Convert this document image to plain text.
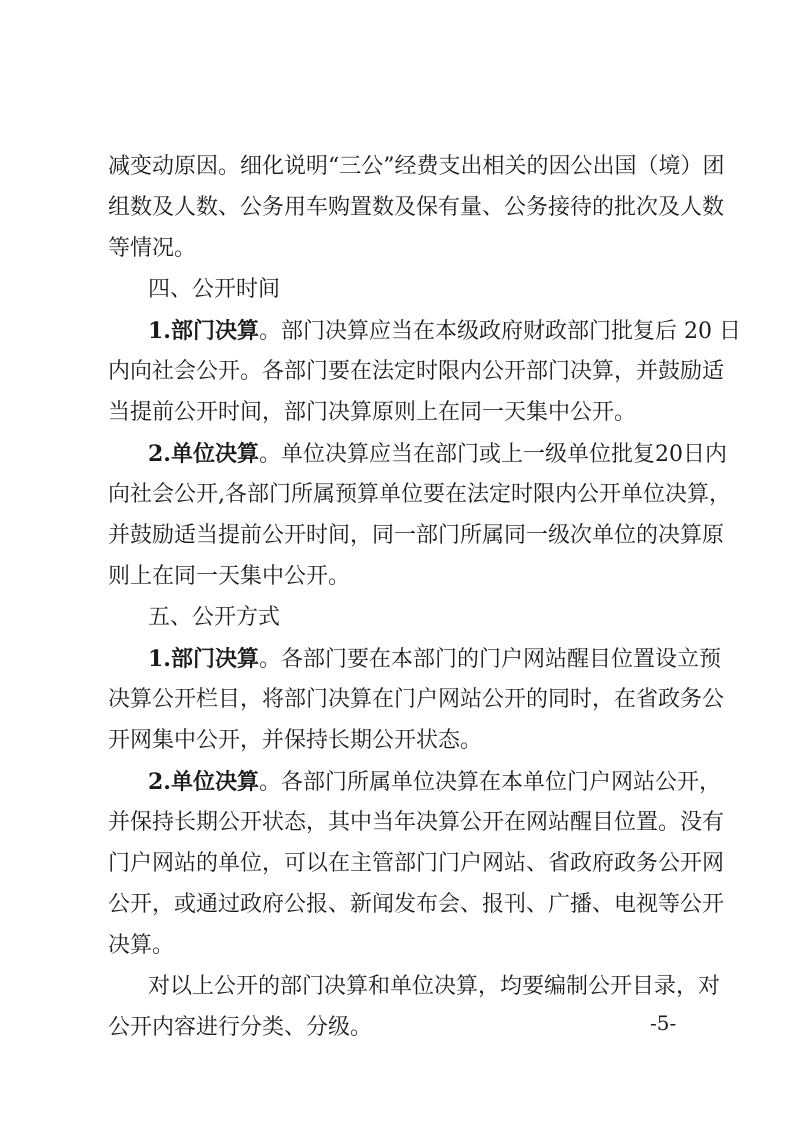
减变动原因。细化说明“三公”经费支出相关的因公出国（境）团
组数及人数、公务用车购置数及保有量、公务接待的批次及人数
等情况。
四、公开时间
1.部门决算。部门决算应当在本级政府财政部门批复后 20 日
内向社会公开。各部门要在法定时限内公开部门决算，并鼓励适
当提前公开时间，部门决算原则上在同一天集中公开。
2.单位决算。单位决算应当在部门或上一级单位批复20日内
向社会公开,各部门所属预算单位要在法定时限内公开单位决算，
并鼓励适当提前公开时间，同一部门所属同一级次单位的决算原
则上在同一天集中公开。
五、公开方式
1.部门决算。各部门要在本部门的门户网站醒目位置设立预
决算公开栏目，将部门决算在门户网站公开的同时，在省政务公
开网集中公开，并保持长期公开状态。
2.单位决算。各部门所属单位决算在本单位门户网站公开，
并保持长期公开状态，其中当年决算公开在网站醒目位置。没有
门户网站的单位，可以在主管部门门户网站、省政府政务公开网
公开，或通过政府公报、新闻发布会、报刊、广播、电视等公开
决算。
对以上公开的部门决算和单位决算，均要编制公开目录，对
公开内容进行分类、分级。	-5-
